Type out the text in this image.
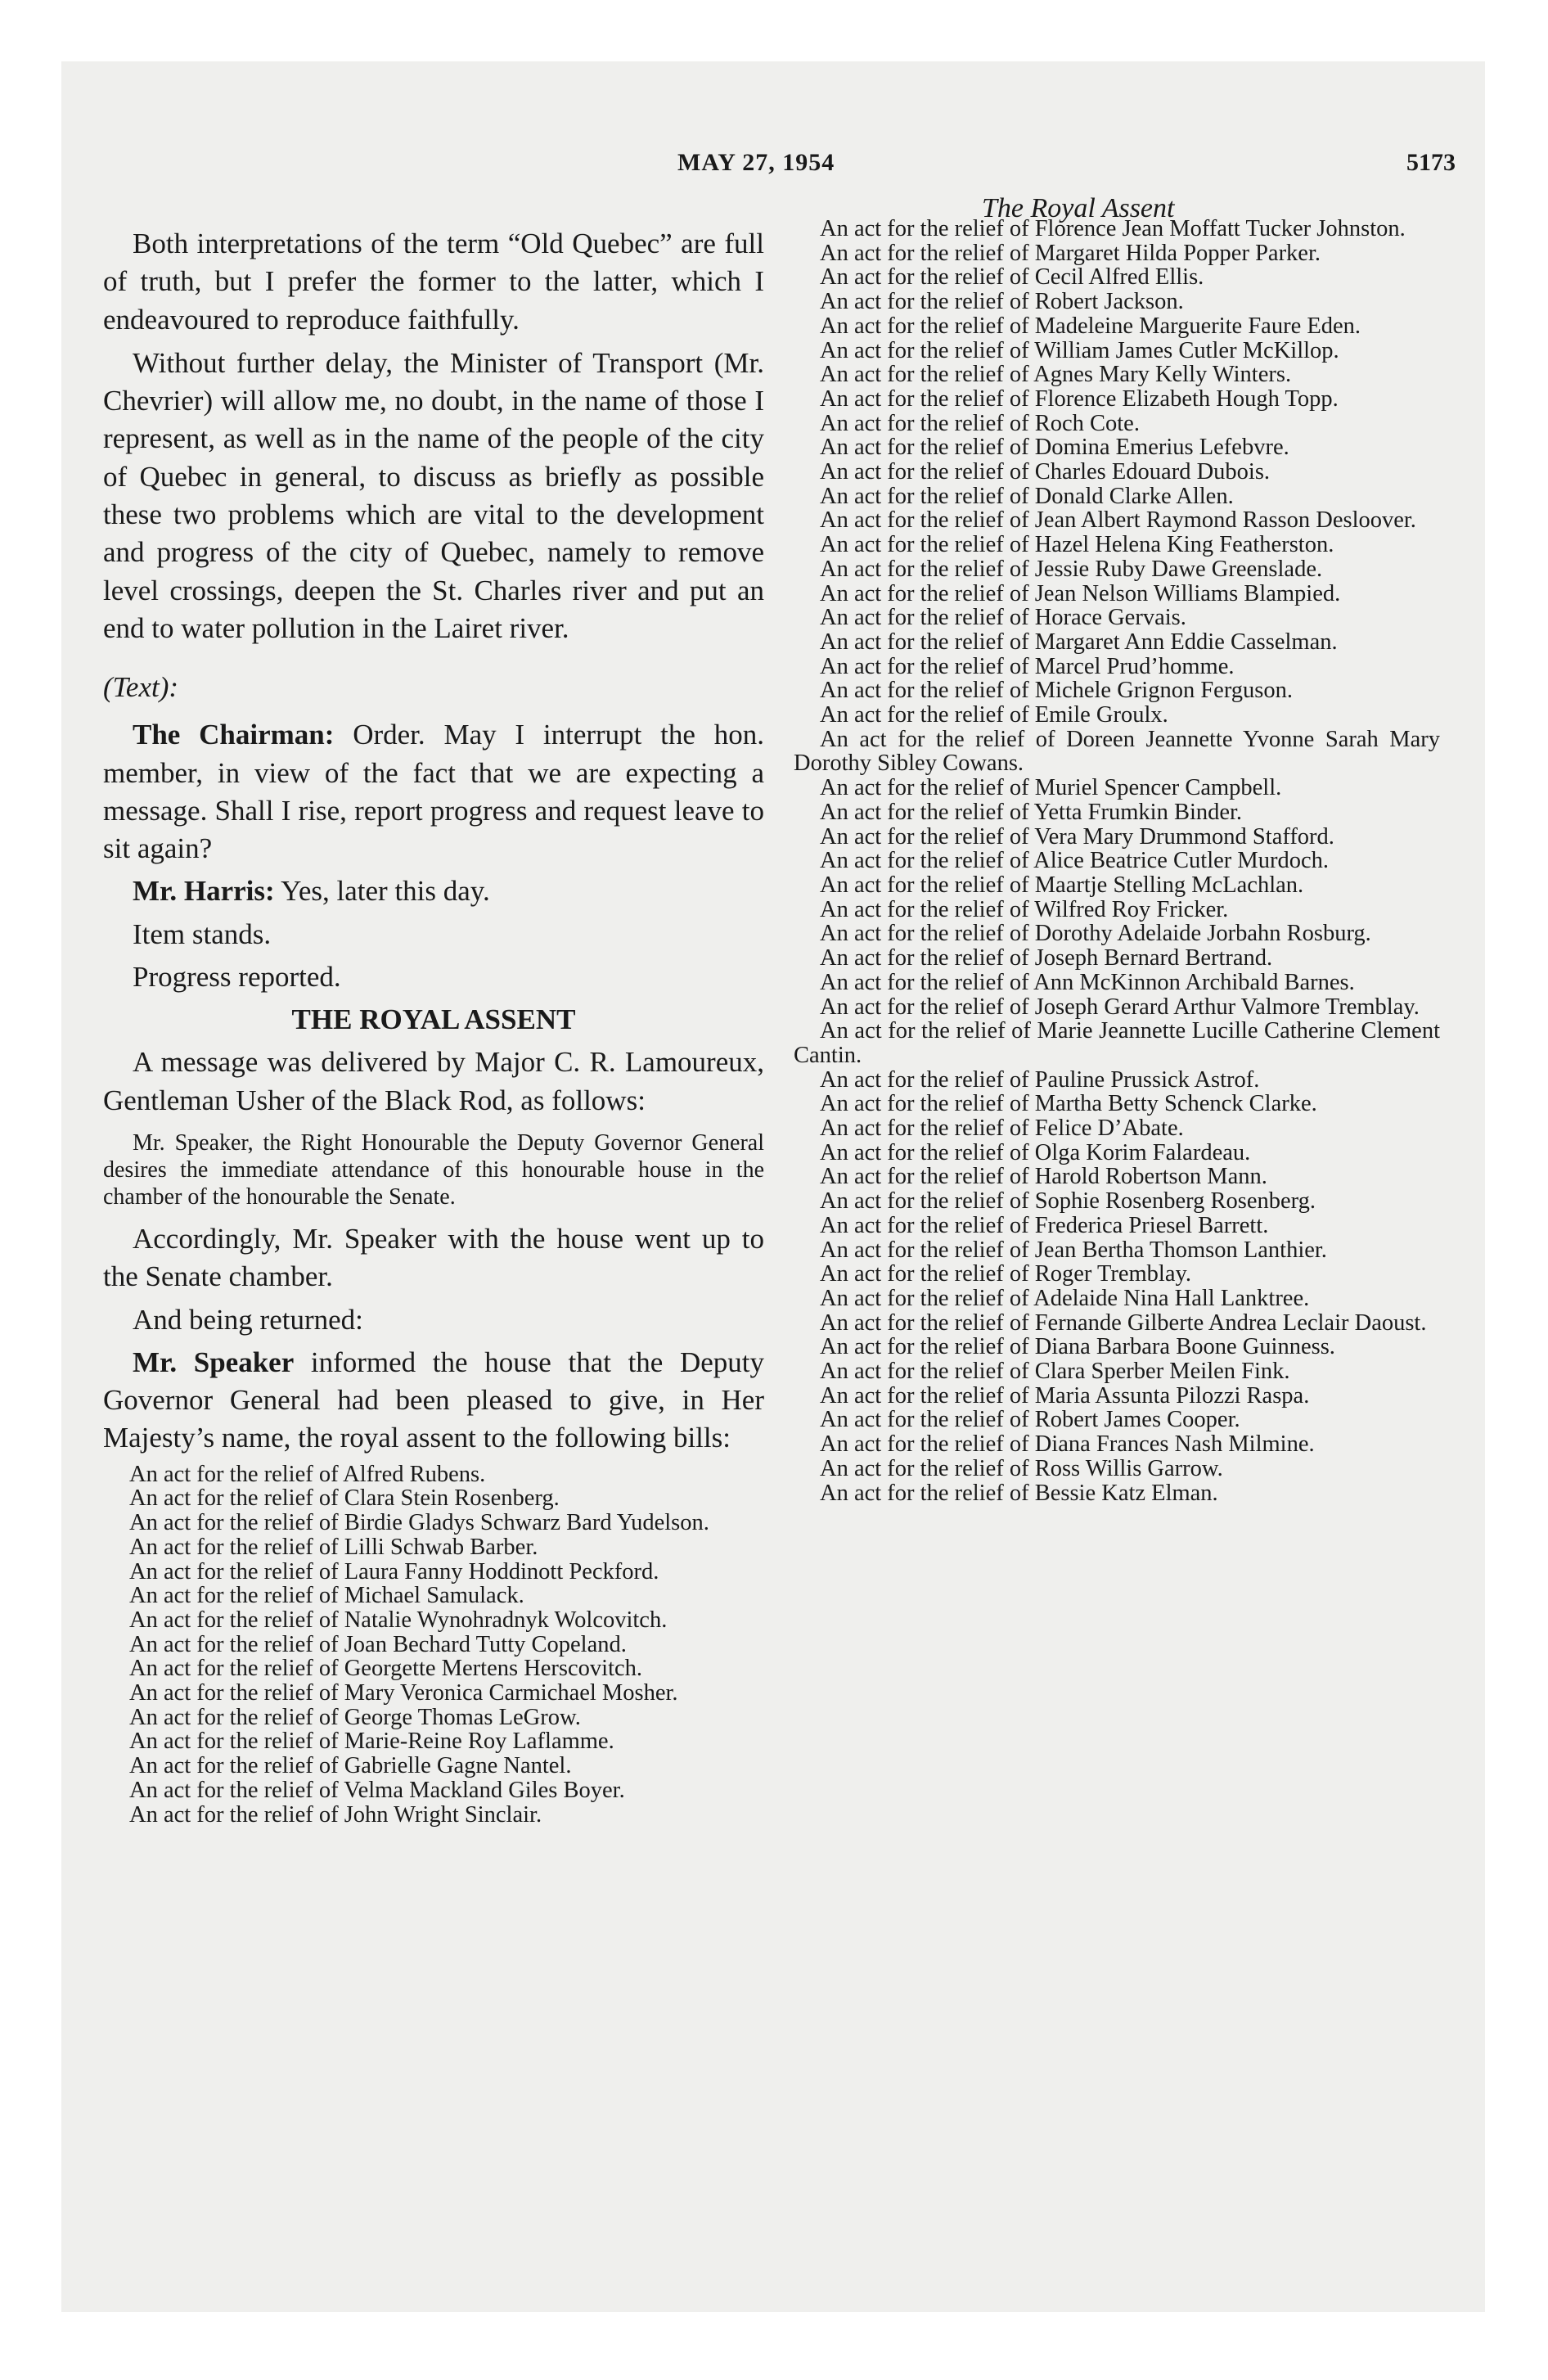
MAY 27, 1954	5173
The Royal Assent

Both interpretations of the term “Old Quebec” are full of truth, but I prefer the former to the latter, which I endeavoured to reproduce faithfully.

Without further delay, the Minister of Transport (Mr. Chevrier) will allow me, no doubt, in the name of those I represent, as well as in the name of the people of the city of Quebec in general, to discuss as briefly as possible these two problems which are vital to the development and progress of the city of Quebec, namely to remove level crossings, deepen the St. Charles river and put an end to water pollution in the Lairet river.

(Text):

The Chairman: Order. May I interrupt the hon. member, in view of the fact that we are expecting a message. Shall I rise, report progress and request leave to sit again?

Mr. Harris: Yes, later this day.

Item stands.

Progress reported.

THE ROYAL ASSENT

A message was delivered by Major C. R. Lamoureux, Gentleman Usher of the Black Rod, as follows:

Mr. Speaker, the Right Honourable the Deputy Governor General desires the immediate attendance of this honourable house in the chamber of the honourable the Senate.

Accordingly, Mr. Speaker with the house went up to the Senate chamber.

And being returned:

Mr. Speaker informed the house that the Deputy Governor General had been pleased to give, in Her Majesty’s name, the royal assent to the following bills:

An act for the relief of Alfred Rubens.

An act for the relief of Clara Stein Rosenberg.

An act for the relief of Birdie Gladys Schwarz Bard Yudelson.

An act for the relief of Lilli Schwab Barber.

An act for the relief of Laura Fanny Hoddinott Peckford.

An act for the relief of Michael Samulack.

An act for the relief of Natalie Wynohradnyk Wolcovitch.

An act for the relief of Joan Bechard Tutty Copeland.

An act for the relief of Georgette Mertens Herscovitch.

An act for the relief of Mary Veronica Carmichael Mosher.

An act for the relief of George Thomas LeGrow.

An act for the relief of Marie-Reine Roy Laflamme.

An act for the relief of Gabrielle Gagne Nantel.

An act for the relief of Velma Mackland Giles Boyer.

An act for the relief of John Wright Sinclair.

An act for the relief of Florence Jean Moffatt Tucker Johnston.

An act for the relief of Margaret Hilda Popper Parker.

An act for the relief of Cecil Alfred Ellis.

An act for the relief of Robert Jackson.

An act for the relief of Madeleine Marguerite Faure Eden.

An act for the relief of William James Cutler McKillop.

An act for the relief of Agnes Mary Kelly Winters.

An act for the relief of Florence Elizabeth Hough Topp.

An act for the relief of Roch Cote.

An act for the relief of Domina Emerius Lefebvre.

An act for the relief of Charles Edouard Dubois.

An act for the relief of Donald Clarke Allen.

An act for the relief of Jean Albert Raymond Rasson Desloover.

An act for the relief of Hazel Helena King Featherston.

An act for the relief of Jessie Ruby Dawe Greenslade.

An act for the relief of Jean Nelson Williams Blampied.

An act for the relief of Horace Gervais.

An act for the relief of Margaret Ann Eddie Casselman.

An act for the relief of Marcel Prud’homme.

An act for the relief of Michele Grignon Ferguson.

An act for the relief of Emile Groulx.

An act for the relief of Doreen Jeannette Yvonne Sarah Mary Dorothy Sibley Cowans.

An act for the relief of Muriel Spencer Campbell.

An act for the relief of Yetta Frumkin Binder.

An act for the relief of Vera Mary Drummond Stafford.

An act for the relief of Alice Beatrice Cutler Murdoch.

An act for the relief of Maartje Stelling McLachlan.

An act for the relief of Wilfred Roy Fricker.

An act for the relief of Dorothy Adelaide Jorbahn Rosburg.

An act for the relief of Joseph Bernard Bertrand.

An act for the relief of Ann McKinnon Archibald Barnes.

An act for the relief of Joseph Gerard Arthur Valmore Tremblay.

An act for the relief of Marie Jeannette Lucille Catherine Clement Cantin.

An act for the relief of Pauline Prussick Astrof.

An act for the relief of Martha Betty Schenck Clarke.

An act for the relief of Felice D’Abate.

An act for the relief of Olga Korim Falardeau.

An act for the relief of Harold Robertson Mann.

An act for the relief of Sophie Rosenberg Rosenberg.

An act for the relief of Frederica Priesel Barrett.

An act for the relief of Jean Bertha Thomson Lanthier.

An act for the relief of Roger Tremblay.

An act for the relief of Adelaide Nina Hall Lanktree.

An act for the relief of Fernande Gilberte Andrea Leclair Daoust.

An act for the relief of Diana Barbara Boone Guinness.

An act for the relief of Clara Sperber Meilen Fink.

An act for the relief of Maria Assunta Pilozzi Raspa.

An act for the relief of Robert James Cooper.

An act for the relief of Diana Frances Nash Milmine.

An act for the relief of Ross Willis Garrow.

An act for the relief of Bessie Katz Elman.
